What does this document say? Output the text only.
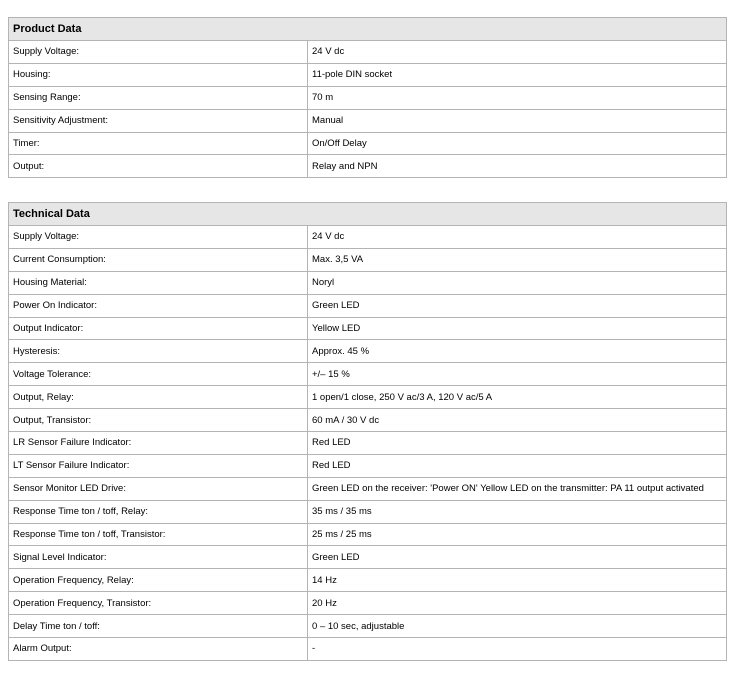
Product Data	
Supply Voltage:	24 V dc
Housing:	11-pole DIN socket
Sensing Range:	70 m
Sensitivity Adjustment:	Manual
Timer:	On/Off Delay
Output:	Relay and NPN
Technical Data	
Supply Voltage:	24 V dc
Current Consumption:	Max. 3,5 VA
Housing Material:	Noryl
Power On Indicator:	Green LED
Output Indicator:	Yellow LED
Hysteresis:	Approx. 45 %
Voltage Tolerance:	+/– 15 %
Output, Relay:	1 open/1 close, 250 V ac/3 A, 120 V ac/5 A
Output, Transistor:	60 mA / 30 V dc
LR Sensor Failure Indicator:	Red LED
LT Sensor Failure Indicator:	Red LED
Sensor Monitor LED Drive:	Green LED on the receiver: 'Power ON' Yellow LED on the transmitter: PA 11 output activated
Response Time ton / toff, Relay:	35 ms / 35 ms
Response Time ton / toff, Transistor:	25 ms / 25 ms
Signal Level Indicator:	Green LED
Operation Frequency, Relay:	14 Hz
Operation Frequency, Transistor:	20 Hz
Delay Time ton / toff:	0 – 10 sec, adjustable
Alarm Output:	-
